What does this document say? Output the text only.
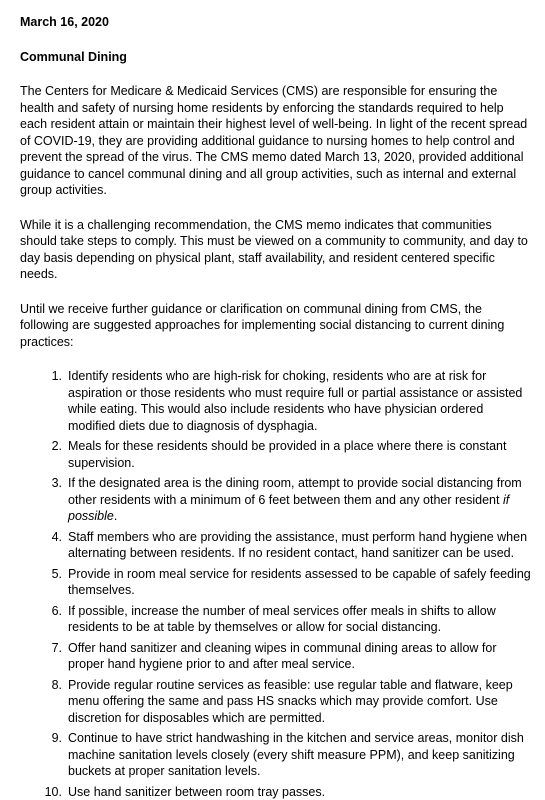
March 16, 2020

Communal Dining

The Centers for Medicare & Medicaid Services (CMS) are responsible for ensuring the health and safety of nursing home residents by enforcing the standards required to help each resident attain or maintain their highest level of well-being. In light of the recent spread of COVID-19, they are providing additional guidance to nursing homes to help control and prevent the spread of the virus. The CMS memo dated March 13, 2020, provided additional guidance to cancel communal dining and all group activities, such as internal and external group activities.

While it is a challenging recommendation, the CMS memo indicates that communities should take steps to comply. This must be viewed on a community to community, and day to day basis depending on physical plant, staff availability, and resident centered specific needs.

Until we receive further guidance or clarification on communal dining from CMS, the following are suggested approaches for implementing social distancing to current dining practices:

1. Identify residents who are high-risk for choking, residents who are at risk for aspiration or those residents who must require full or partial assistance or assisted while eating. This would also include residents who have physician ordered modified diets due to diagnosis of dysphagia.
2. Meals for these residents should be provided in a place where there is constant supervision.
3. If the designated area is the dining room, attempt to provide social distancing from other residents with a minimum of 6 feet between them and any other resident if possible.
4. Staff members who are providing the assistance, must perform hand hygiene when alternating between residents. If no resident contact, hand sanitizer can be used.
5. Provide in room meal service for residents assessed to be capable of safely feeding themselves.
6. If possible, increase the number of meal services offer meals in shifts to allow residents to be at table by themselves or allow for social distancing.
7. Offer hand sanitizer and cleaning wipes in communal dining areas to allow for proper hand hygiene prior to and after meal service.
8. Provide regular routine services as feasible: use regular table and flatware, keep menu offering the same and pass HS snacks which may provide comfort. Use discretion for disposables which are permitted.
9. Continue to have strict handwashing in the kitchen and service areas, monitor dish machine sanitation levels closely (every shift measure PPM), and keep sanitizing buckets at proper sanitation levels.
10. Use hand sanitizer between room tray passes.
